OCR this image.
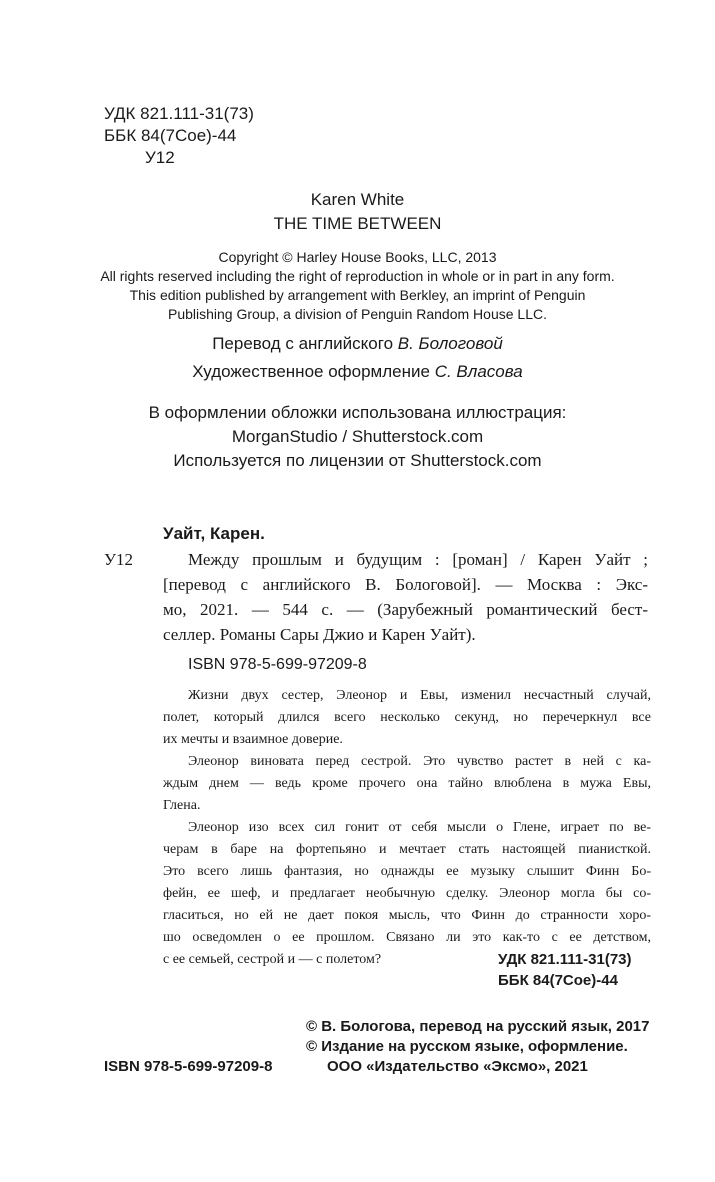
УДК 821.111-31(73)
ББК 84(7Сое)-44
У12
Karen White
THE TIME BETWEEN
Copyright © Harley House Books, LLC, 2013
All rights reserved including the right of reproduction in whole or in part in any form.
This edition published by arrangement with Berkley, an imprint of Penguin
Publishing Group, a division of Penguin Random House LLC.
Перевод с английского В. Бологовой
Художественное оформление С. Власова
В оформлении обложки использована иллюстрация:
MorganStudio / Shutterstock.com
Используется по лицензии от Shutterstock.com
Уайт, Карен.
У12	Между прошлым и будущим : [роман] / Карен Уайт ;
[перевод с английского В. Бологовой]. — Москва : Экс-
мо, 2021. — 544 с. — (Зарубежный романтический бест-
селлер. Романы Сары Джио и Карен Уайт).
ISBN 978-5-699-97209-8
Жизни двух сестер, Элеонор и Евы, изменил несчастный случай,
полет, который длился всего несколько секунд, но перечеркнул все
их мечты и взаимное доверие.
Элеонор виновата перед сестрой. Это чувство растет в ней с ка-
ждым днем — ведь кроме прочего она тайно влюблена в мужа Евы,
Глена.
Элеонор изо всех сил гонит от себя мысли о Глене, играет по ве-
черам в баре на фортепьяно и мечтает стать настоящей пианисткой.
Это всего лишь фантазия, но однажды ее музыку слышит Финн Бо-
фейн, ее шеф, и предлагает необычную сделку. Элеонор могла бы со-
гласиться, но ей не дает покоя мысль, что Финн до странности хоро-
шо осведомлен о ее прошлом. Связано ли это как-то с ее детством,
с ее семьей, сестрой и — с полетом?	УДК 821.111-31(73)
ББК 84(7Сое)-44
© В. Бологова, перевод на русский язык, 2017
© Издание на русском языке, оформление.
ООО «Издательство «Эксмо», 2021
ISBN 978-5-699-97209-8
